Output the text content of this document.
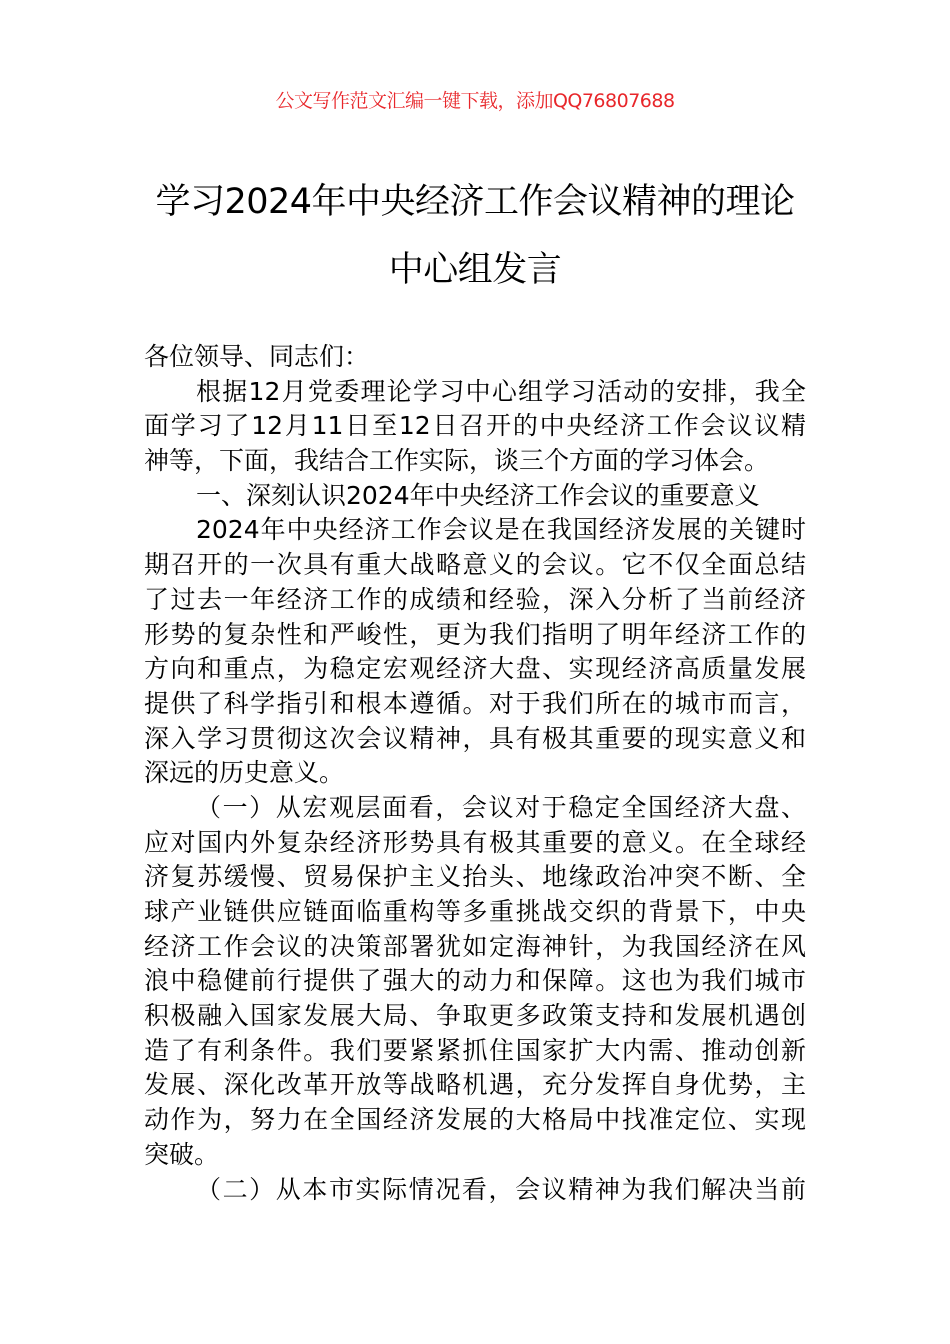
公文写作范文汇编一键下载，添加QQ76807688
学习2024年中央经济工作会议精神的理论
中心组发言
各位领导、同志们：
根据12月党委理论学习中心组学习活动的安排，我全
面学习了12月11日至12日召开的中央经济工作会议议精
神等，下面，我结合工作实际，谈三个方面的学习体会。
一、深刻认识2024年中央经济工作会议的重要意义
2024年中央经济工作会议是在我国经济发展的关键时
期召开的一次具有重大战略意义的会议。它不仅全面总结
了过去一年经济工作的成绩和经验，深入分析了当前经济
形势的复杂性和严峻性，更为我们指明了明年经济工作的
方向和重点，为稳定宏观经济大盘、实现经济高质量发展
提供了科学指引和根本遵循。对于我们所在的城市而言，
深入学习贯彻这次会议精神，具有极其重要的现实意义和
深远的历史意义。
（一）从宏观层面看，会议对于稳定全国经济大盘、
应对国内外复杂经济形势具有极其重要的意义。在全球经
济复苏缓慢、贸易保护主义抬头、地缘政治冲突不断、全
球产业链供应链面临重构等多重挑战交织的背景下，中央
经济工作会议的决策部署犹如定海神针，为我国经济在风
浪中稳健前行提供了强大的动力和保障。这也为我们城市
积极融入国家发展大局、争取更多政策支持和发展机遇创
造了有利条件。我们要紧紧抓住国家扩大内需、推动创新
发展、深化改革开放等战略机遇，充分发挥自身优势，主
动作为，努力在全国经济发展的大格局中找准定位、实现
突破。
（二）从本市实际情况看，会议精神为我们解决当前
